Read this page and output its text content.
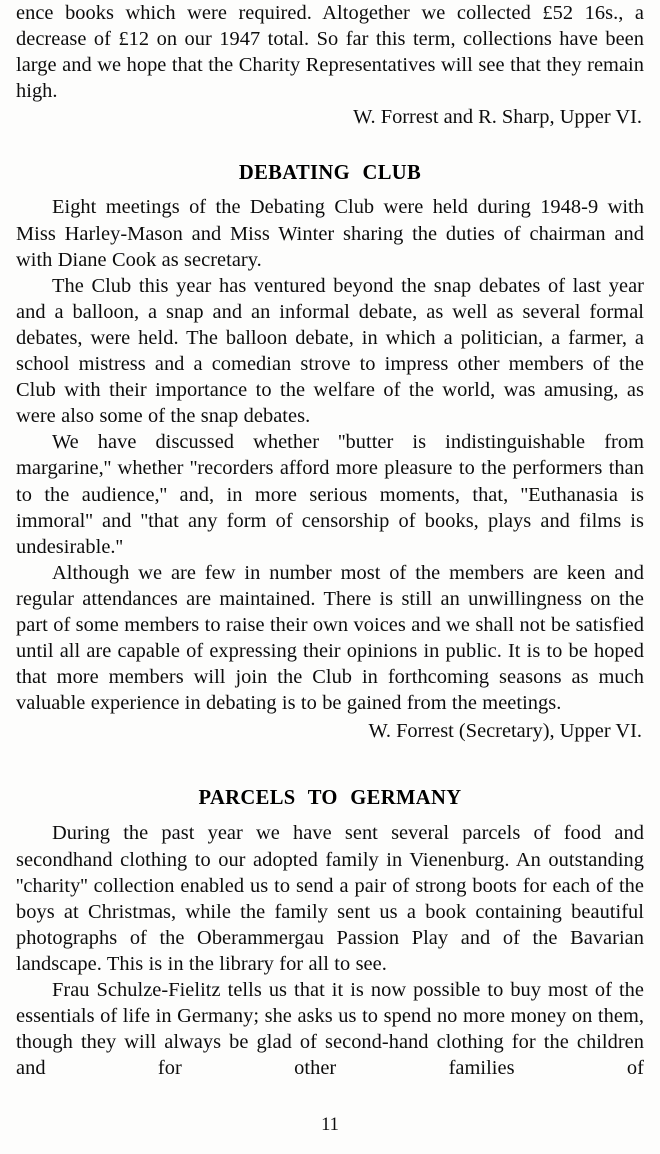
ence books which were required. Altogether we collected £52 16s., a decrease of £12 on our 1947 total. So far this term, collections have been large and we hope that the Charity Representatives will see that they remain high.

W. Forrest and R. Sharp, Upper VI.

DEBATING CLUB

Eight meetings of the Debating Club were held during 1948-9 with Miss Harley-Mason and Miss Winter sharing the duties of chairman and with Diane Cook as secretary.

The Club this year has ventured beyond the snap debates of last year and a balloon, a snap and an informal debate, as well as several formal debates, were held. The balloon debate, in which a politician, a farmer, a school mistress and a comedian strove to impress other members of the Club with their importance to the welfare of the world, was amusing, as were also some of the snap debates.

We have discussed whether ''butter is indistinguishable from margarine,'' whether ''recorders afford more pleasure to the performers than to the audience,'' and, in more serious moments, that, ''Euthanasia is immoral'' and ''that any form of censorship of books, plays and films is undesirable.''

Although we are few in number most of the members are keen and regular attendances are maintained. There is still an unwillingness on the part of some members to raise their own voices and we shall not be satisfied until all are capable of expressing their opinions in public. It is to be hoped that more members will join the Club in forthcoming seasons as much valuable experience in debating is to be gained from the meetings.

W. Forrest (Secretary), Upper VI.

PARCELS TO GERMANY

During the past year we have sent several parcels of food and secondhand clothing to our adopted family in Vienenburg. An outstanding ''charity'' collection enabled us to send a pair of strong boots for each of the boys at Christmas, while the family sent us a book containing beautiful photographs of the Oberammergau Passion Play and of the Bavarian landscape. This is in the library for all to see.

Frau Schulze-Fielitz tells us that it is now possible to buy most of the essentials of life in Germany; she asks us to spend no more money on them, though they will always be glad of second-hand clothing for the children and for other families of

11
